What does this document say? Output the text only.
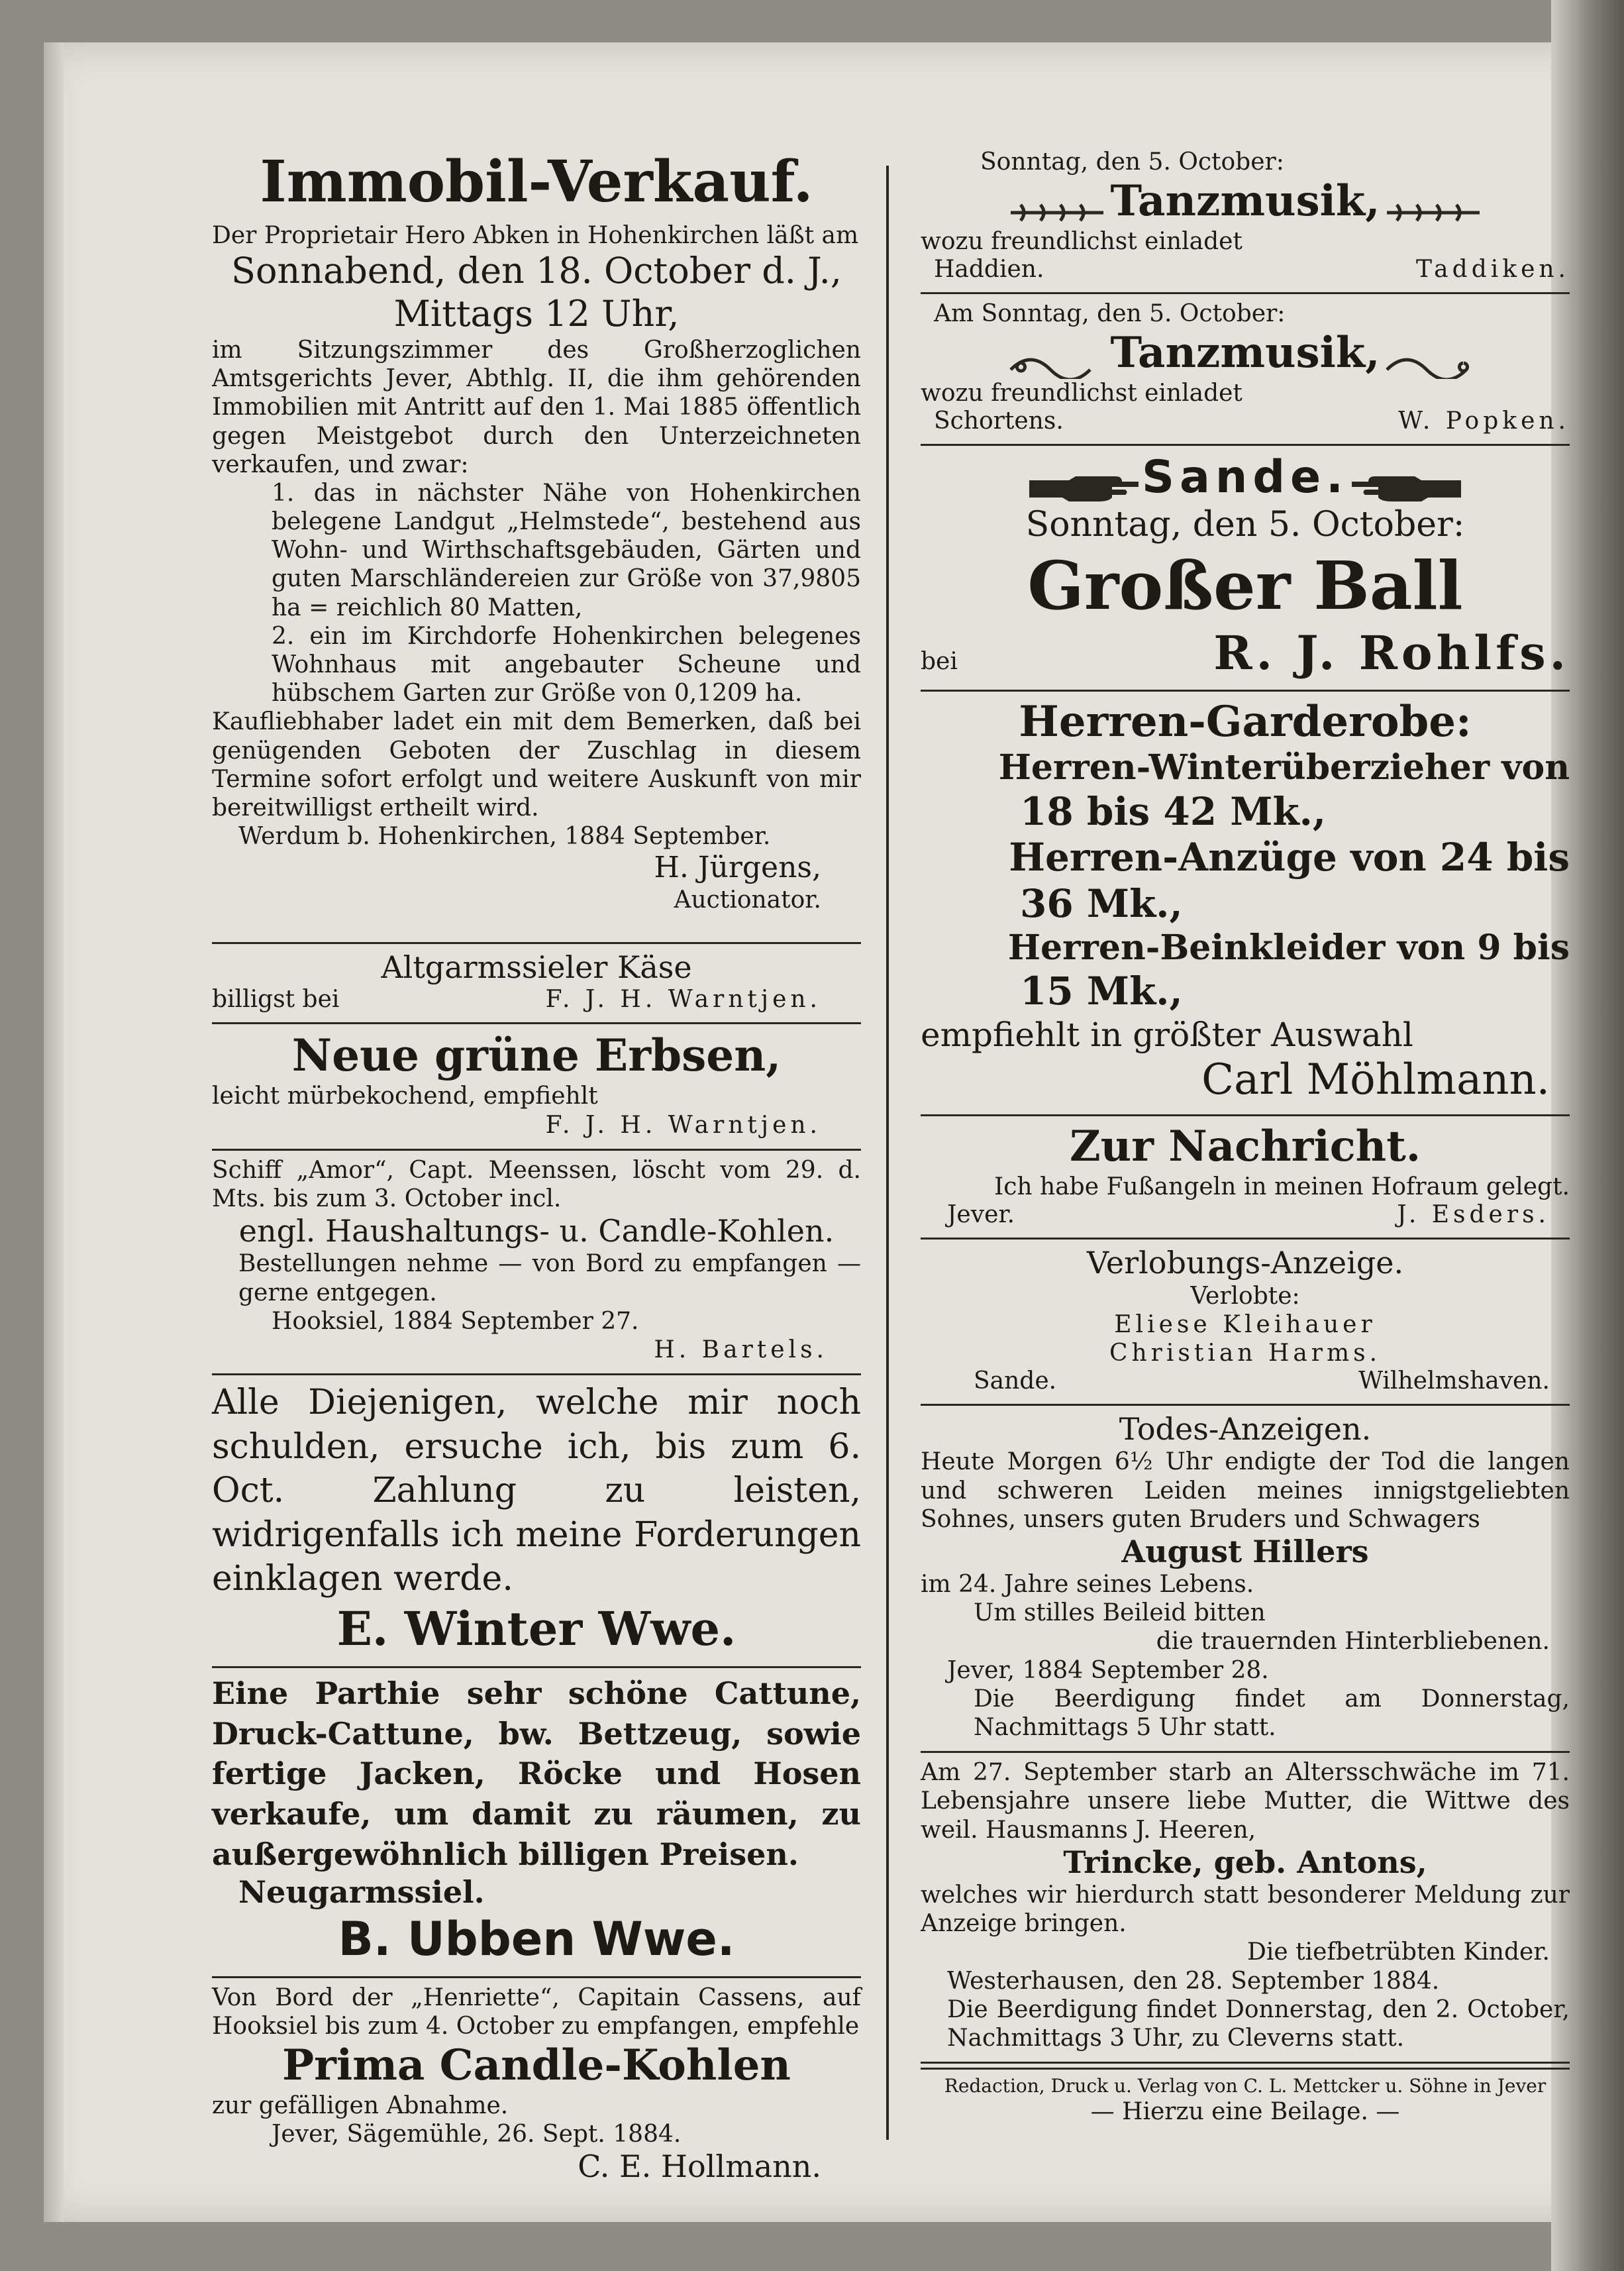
Immobil-Verkauf.
Der Proprietair Hero Abken in Hohenkirchen läßt am
Sonnabend, den 18. October d. J.,
Mittags 12 Uhr,
im Sitzungszimmer des Großherzoglichen Amtsgerichts Jever, Abthlg. II, die ihm gehörenden Immobilien mit Antritt auf den 1. Mai 1885 öffentlich gegen Meistgebot durch den Unterzeichneten verkaufen, und zwar:
1. das in nächster Nähe von Hohenkirchen belegene Landgut „Helmstede“, bestehend aus Wohn- und Wirthschaftsgebäuden, Gärten und guten Marschländereien zur Größe von 37,9805 ha = reichlich 80 Matten,
2. ein im Kirchdorfe Hohenkirchen belegenes Wohnhaus mit angebauter Scheune und hübschem Garten zur Größe von 0,1209 ha.
Kaufliebhaber ladet ein mit dem Bemerken, daß bei genügenden Geboten der Zuschlag in diesem Termine sofort erfolgt und weitere Auskunft von mir bereitwilligst ertheilt wird.
Werdum b. Hohenkirchen, 1884 September.
H. Jürgens,
Auctionator.
Altgarmssieler Käse
billigst bei	F. J. H. Warntjen.
Neue grüne Erbsen,
leicht mürbekochend, empfiehlt
F. J. H. Warntjen.
Schiff „Amor“, Capt. Meenssen, löscht vom 29. d. Mts. bis zum 3. October incl.
engl. Haushaltungs- u. Candle-Kohlen.
Bestellungen nehme — von Bord zu empfangen — gerne entgegen.
Hooksiel, 1884 September 27.
H. Bartels.
Alle Diejenigen, welche mir noch schulden, ersuche ich, bis zum 6. Oct. Zahlung zu leisten, widrigenfalls ich meine Forderungen einklagen werde.
E. Winter Wwe.
Eine Parthie sehr schöne Cattune, Druck-Cattune, bw. Bettzeug, sowie fertige Jacken, Röcke und Hosen verkaufe, um damit zu räumen, zu außergewöhnlich billigen Preisen.
Neugarmssiel.
B. Ubben Wwe.
Von Bord der „Henriette“, Capitain Cassens, auf Hooksiel bis zum 4. October zu empfangen, empfehle
Prima Candle-Kohlen
zur gefälligen Abnahme.
Jever, Sägemühle, 26. Sept. 1884.
C. E. Hollmann.
Sonntag, den 5. October:
Tanzmusik,
wozu freundlichst einladet
Haddien.	Taddiken.
Am Sonntag, den 5. October:
Tanzmusik,
wozu freundlichst einladet
Schortens.	W. Popken.
Sande.
Sonntag, den 5. October:
Großer Ball
bei	R. J. Rohlfs.
Herren-Garderobe:
Herren-Winterüberzieher von
18 bis 42 Mk.,
Herren-Anzüge von 24 bis
36 Mk.,
Herren-Beinkleider von 9 bis
15 Mk.,
empfiehlt in größter Auswahl
Carl Möhlmann.
Zur Nachricht.
Ich habe Fußangeln in meinen Hofraum gelegt.
Jever.	J. Esders.
Verlobungs-Anzeige.
Verlobte:
Eliese Kleihauer
Christian Harms.
Sande.	Wilhelmshaven.
Todes-Anzeigen.
Heute Morgen 6½ Uhr endigte der Tod die langen und schweren Leiden meines innigstgeliebten Sohnes, unsers guten Bruders und Schwagers
August Hillers
im 24. Jahre seines Lebens.
Um stilles Beileid bitten
die trauernden Hinterbliebenen.
Jever, 1884 September 28.
Die Beerdigung findet am Donnerstag, Nachmittags 5 Uhr statt.
Am 27. September starb an Altersschwäche im 71. Lebensjahre unsere liebe Mutter, die Wittwe des weil. Hausmanns J. Heeren,
Trincke, geb. Antons,
welches wir hierdurch statt besonderer Meldung zur Anzeige bringen.
Die tiefbetrübten Kinder.
Westerhausen, den 28. September 1884.
Die Beerdigung findet Donnerstag, den 2. October, Nachmittags 3 Uhr, zu Cleverns statt.
Redaction, Druck u. Verlag von C. L. Mettcker u. Söhne in Jever
— Hierzu eine Beilage. —
